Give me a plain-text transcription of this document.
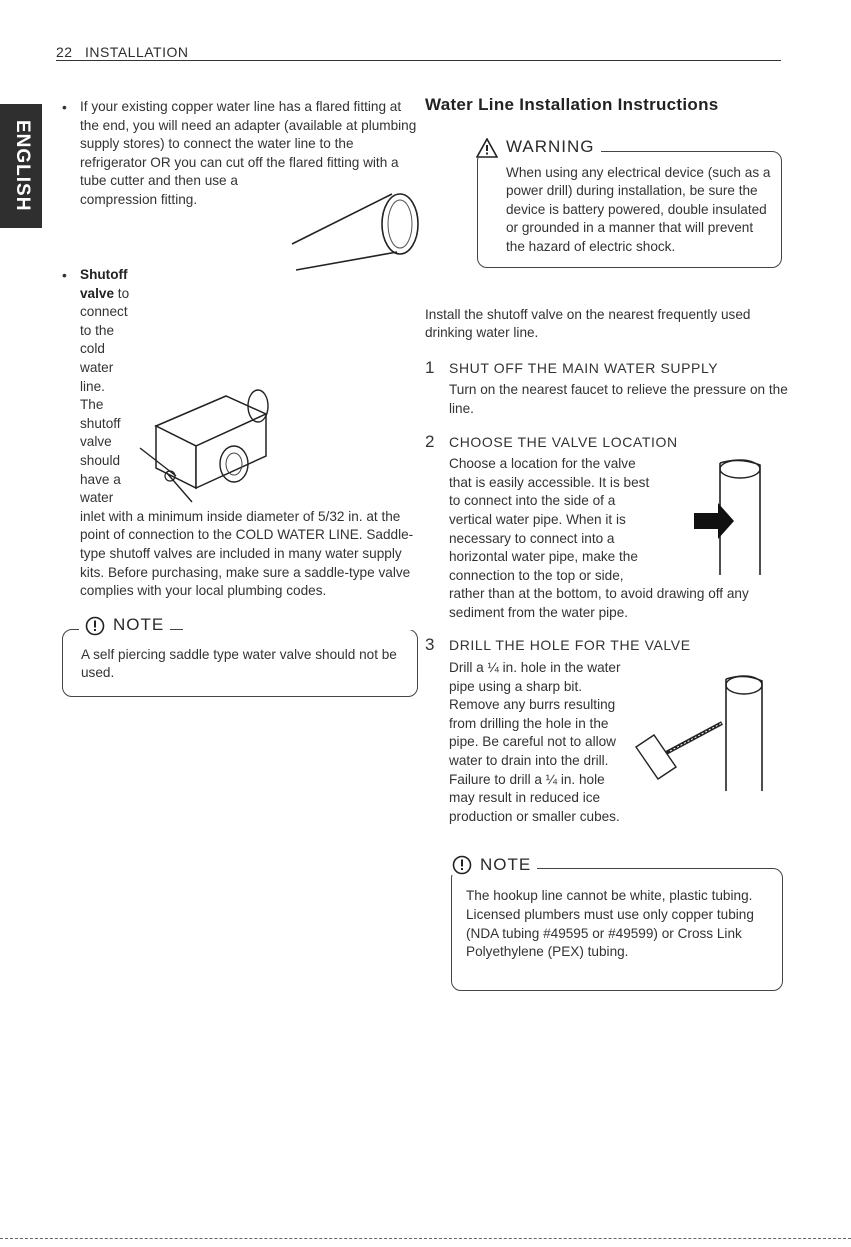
22 INSTALLATION
ENGLISH
• If your existing copper water line has a flared fitting at the end, you will need an adapter (available at plumbing supply stores) to connect the water line to the refrigerator OR you can cut off the flared fitting with a tube cutter and then use a compression fitting.
• Shutoff valve to connect to the cold water line. The shutoff valve should have a water inlet with a minimum inside diameter of 5/32 in. at the point of connection to the COLD WATER LINE. Saddle-type shutoff valves are included in many water supply kits. Before purchasing, make sure a saddle-type valve complies with your local plumbing codes.
NOTE
A self piercing saddle type water valve should not be used.
Water Line Installation Instructions
WARNING
When using any electrical device (such as a power drill) during installation, be sure the device is battery powered, double insulated or grounded in a manner that will prevent the hazard of electric shock.
Install the shutoff valve on the nearest frequently used drinking water line.
1 SHUT OFF THE MAIN WATER SUPPLY
Turn on the nearest faucet to relieve the pressure on the line.
2 CHOOSE THE VALVE LOCATION
Choose a location for the valve that is easily accessible. It is best to connect into the side of a vertical water pipe. When it is necessary to connect into a horizontal water pipe, make the connection to the top or side, rather than at the bottom, to avoid drawing off any sediment from the water pipe.
3 DRILL THE HOLE FOR THE VALVE
Drill a ¼ in. hole in the water pipe using a sharp bit. Remove any burrs resulting from drilling the hole in the pipe. Be careful not to allow water to drain into the drill. Failure to drill a ¼ in. hole may result in reduced ice production or smaller cubes.
NOTE
The hookup line cannot be white, plastic tubing. Licensed plumbers must use only copper tubing (NDA tubing #49595 or #49599) or Cross Link Polyethylene (PEX) tubing.
